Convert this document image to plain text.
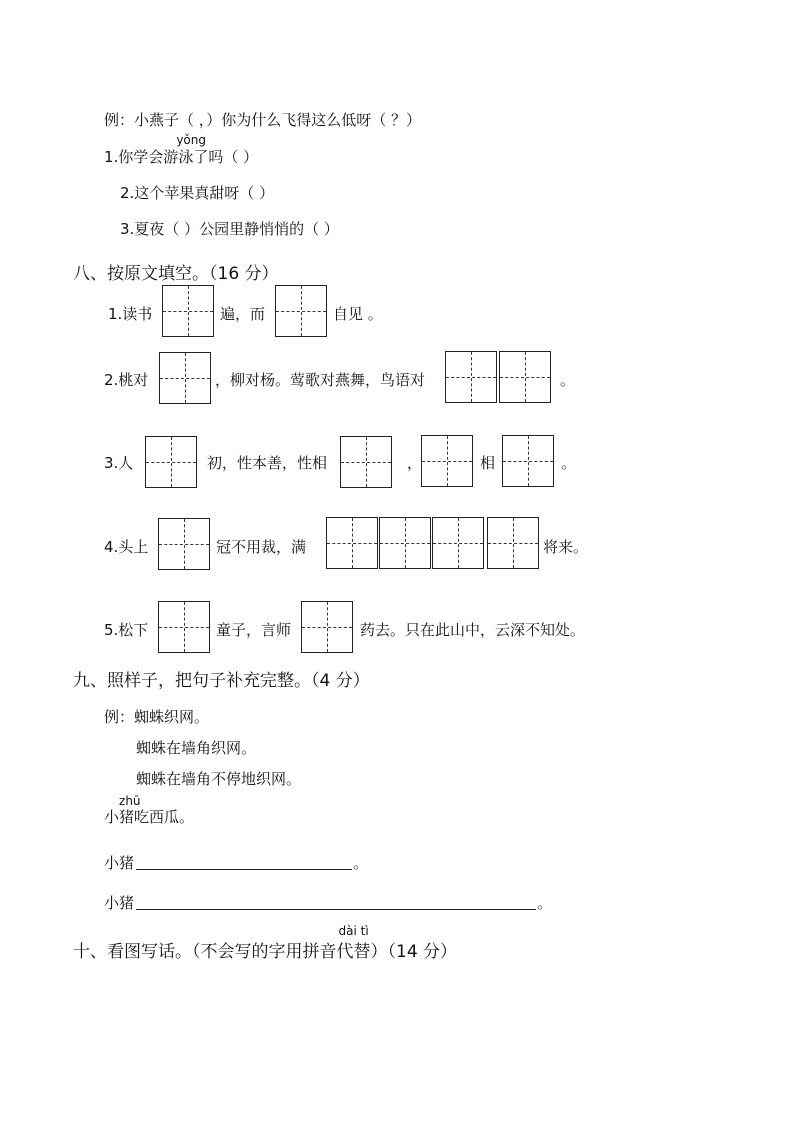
例：小燕子（ ，）你为什么飞得这么低呀（ ？）
1.你学会游
yǒng
泳了吗（ ）
2.这个苹果真甜呀（ ）
3.夏夜（ ）公园里静悄悄的（ ）
八、按原文填空。（16 分）
1.读书	遍，而	自见 。
2.桃对	，柳对杨。莺歌对燕舞，鸟语对	。
3.人	初，性本善，性相	，	相	。
4.头上	冠不用裁，满	将来。
5.松下	童子，言师	药去。只在此山中，云深不知处。
九、照样子，把句子补充完整。（4 分）
例：蜘蛛织网。
蜘蛛在墙角织网。
蜘蛛在墙角不停地织网。
小
zhū
猪吃西瓜。
小猪	。
小猪	。
十、看图写话。（不会写的字用拼音
dài tì
代替）（14 分）
